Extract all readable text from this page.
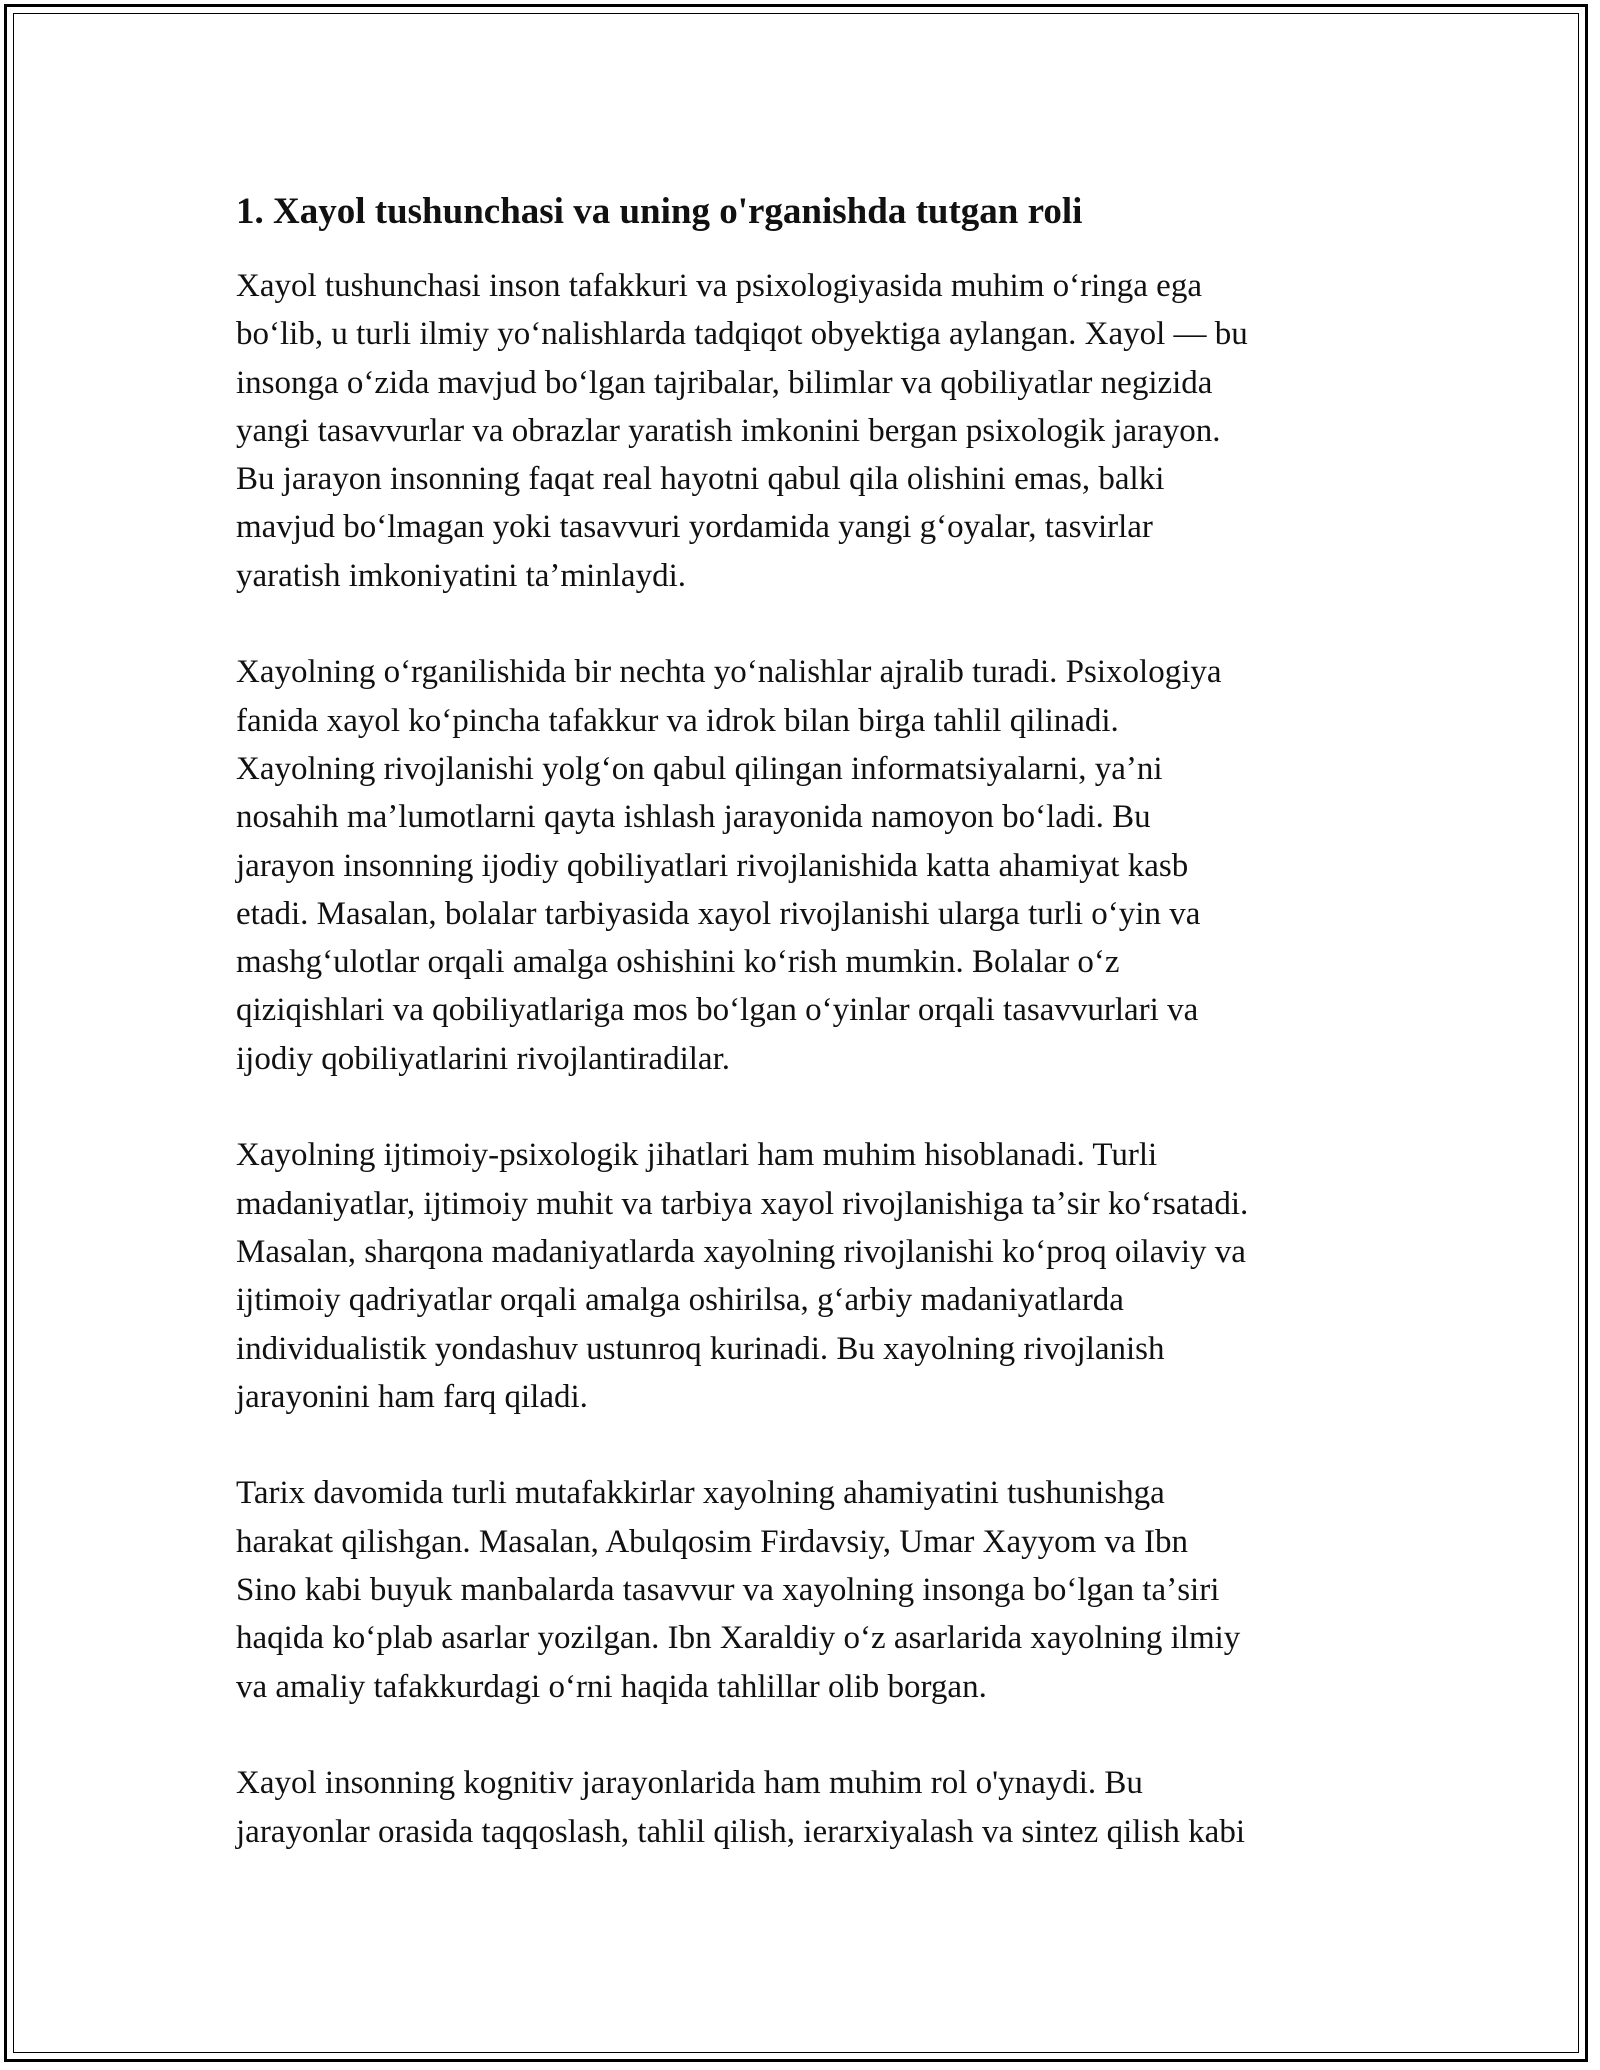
1. Xayol tushunchasi va uning o'rganishda tutgan roli

Xayol tushunchasi inson tafakkuri va psixologiyasida muhim oʻringa ega
boʻlib, u turli ilmiy yoʻnalishlarda tadqiqot obyektiga aylangan. Xayol — bu
insonga oʻzida mavjud boʻlgan tajribalar, bilimlar va qobiliyatlar negizida
yangi tasavvurlar va obrazlar yaratish imkonini bergan psixologik jarayon.
Bu jarayon insonning faqat real hayotni qabul qila olishini emas, balki
mavjud boʻlmagan yoki tasavvuri yordamida yangi gʻoyalar, tasvirlar
yaratish imkoniyatini taʼminlaydi.

Xayolning oʻrganilishida bir nechta yoʻnalishlar ajralib turadi. Psixologiya
fanida xayol koʻpincha tafakkur va idrok bilan birga tahlil qilinadi.
Xayolning rivojlanishi yolgʻon qabul qilingan informatsiyalarni, yaʼni
nosahih maʼlumotlarni qayta ishlash jarayonida namoyon boʻladi. Bu
jarayon insonning ijodiy qobiliyatlari rivojlanishida katta ahamiyat kasb
etadi. Masalan, bolalar tarbiyasida xayol rivojlanishi ularga turli oʻyin va
mashgʻulotlar orqali amalga oshishini koʻrish mumkin. Bolalar oʻz
qiziqishlari va qobiliyatlariga mos boʻlgan oʻyinlar orqali tasavvurlari va
ijodiy qobiliyatlarini rivojlantiradilar.

Xayolning ijtimoiy-psixologik jihatlari ham muhim hisoblanadi. Turli
madaniyatlar, ijtimoiy muhit va tarbiya xayol rivojlanishiga taʼsir koʻrsatadi.
Masalan, sharqona madaniyatlarda xayolning rivojlanishi koʻproq oilaviy va
ijtimoiy qadriyatlar orqali amalga oshirilsa, gʻarbiy madaniyatlarda
individualistik yondashuv ustunroq kurinadi. Bu xayolning rivojlanish
jarayonini ham farq qiladi.

Tarix davomida turli mutafakkirlar xayolning ahamiyatini tushunishga
harakat qilishgan. Masalan, Abulqosim Firdavsiy, Umar Xayyom va Ibn
Sino kabi buyuk manbalarda tasavvur va xayolning insonga boʻlgan taʼsiri
haqida koʻplab asarlar yozilgan. Ibn Xaraldiy oʻz asarlarida xayolning ilmiy
va amaliy tafakkurdagi oʻrni haqida tahlillar olib borgan.

Xayol insonning kognitiv jarayonlarida ham muhim rol o'ynaydi. Bu
jarayonlar orasida taqqoslash, tahlil qilish, ierarxiyalash va sintez qilish kabi
